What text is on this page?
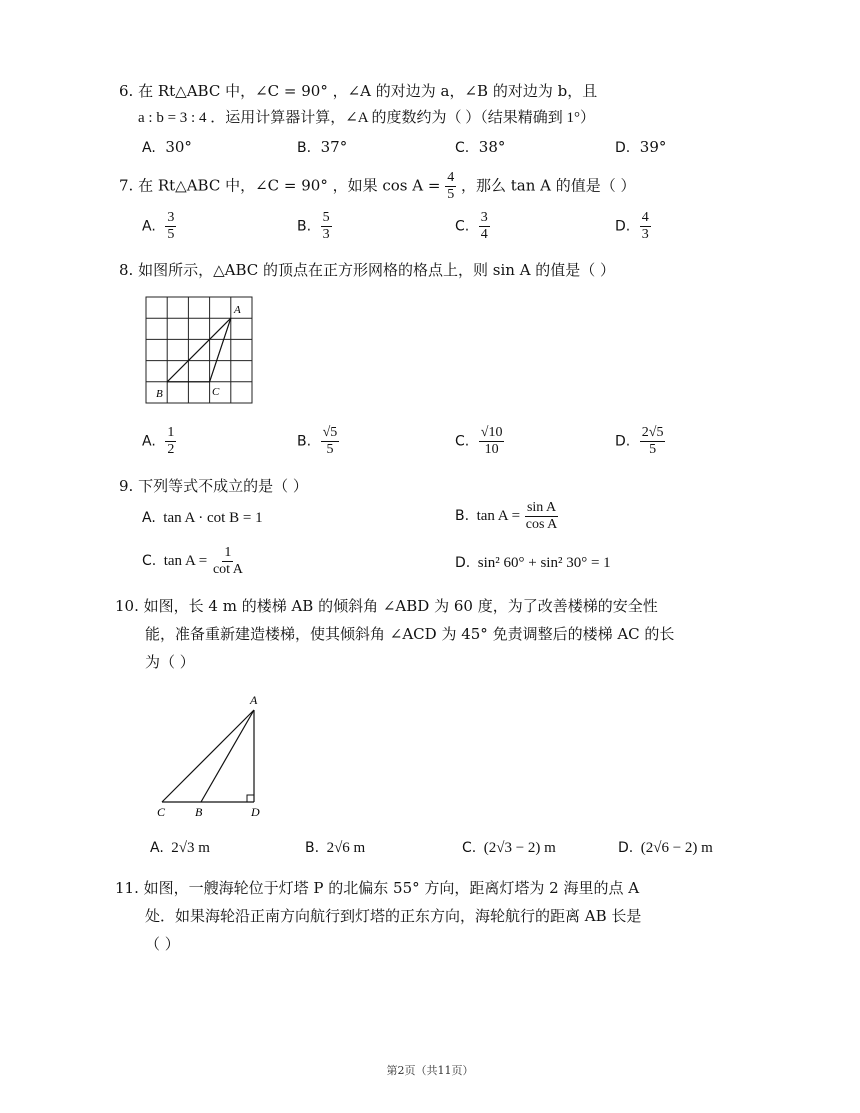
6. 在 Rt△ABC 中，∠C = 90° ，∠A 的对边为 a，∠B 的对边为 b，且
a : b = 3 : 4 ．运用计算器计算，∠A 的度数约为（ ）（结果精确到 1°）
A. 30°	B. 37°	C. 38°	D. 39°
7. 在 Rt△ABC 中，∠C = 90° ，如果 $\cos A = \frac{4}{5}$ ，那么 tan A 的值是（ ）
A. $\frac{3}{5}$	B. $\frac{5}{3}$	C. $\frac{3}{4}$	D. $\frac{4}{3}$
8. 如图所示，△ABC 的顶点在正方形网格的格点上，则 sin A 的值是（ ）
A
B	C
A. $\frac{1}{2}$	B. $\frac{√5}{5}$	C. $\frac{√10}{10}$	D. $\frac{2√5}{5}$
9. 下列等式不成立的是（ ）
A. tan A · cot B = 1	B. $\tan A = \frac{\text{sin A}}{\text{cos A}}$
C. $\tan A = \frac{1}{\text{cot A}}$	D. sin² 60° + sin² 30° = 1
10. 如图，长 4 m 的楼梯 AB 的倾斜角 ∠ABD 为 60 度，为了改善楼梯的安全性
能，准备重新建造楼梯，使其倾斜角 ∠ACD 为 45° 免责调整后的楼梯 AC 的长
为（ ）
A
B
C	D
A. 2√3 m	B. 2√6 m	C. (2√3 − 2) m	D. (2√6 − 2) m
11. 如图，一艘海轮位于灯塔 P 的北偏东 55° 方向，距离灯塔为 2 海里的点 A
处．如果海轮沿正南方向航行到灯塔的正东方向，海轮航行的距离 AB 长是
（ ）
第2页（共11页）
